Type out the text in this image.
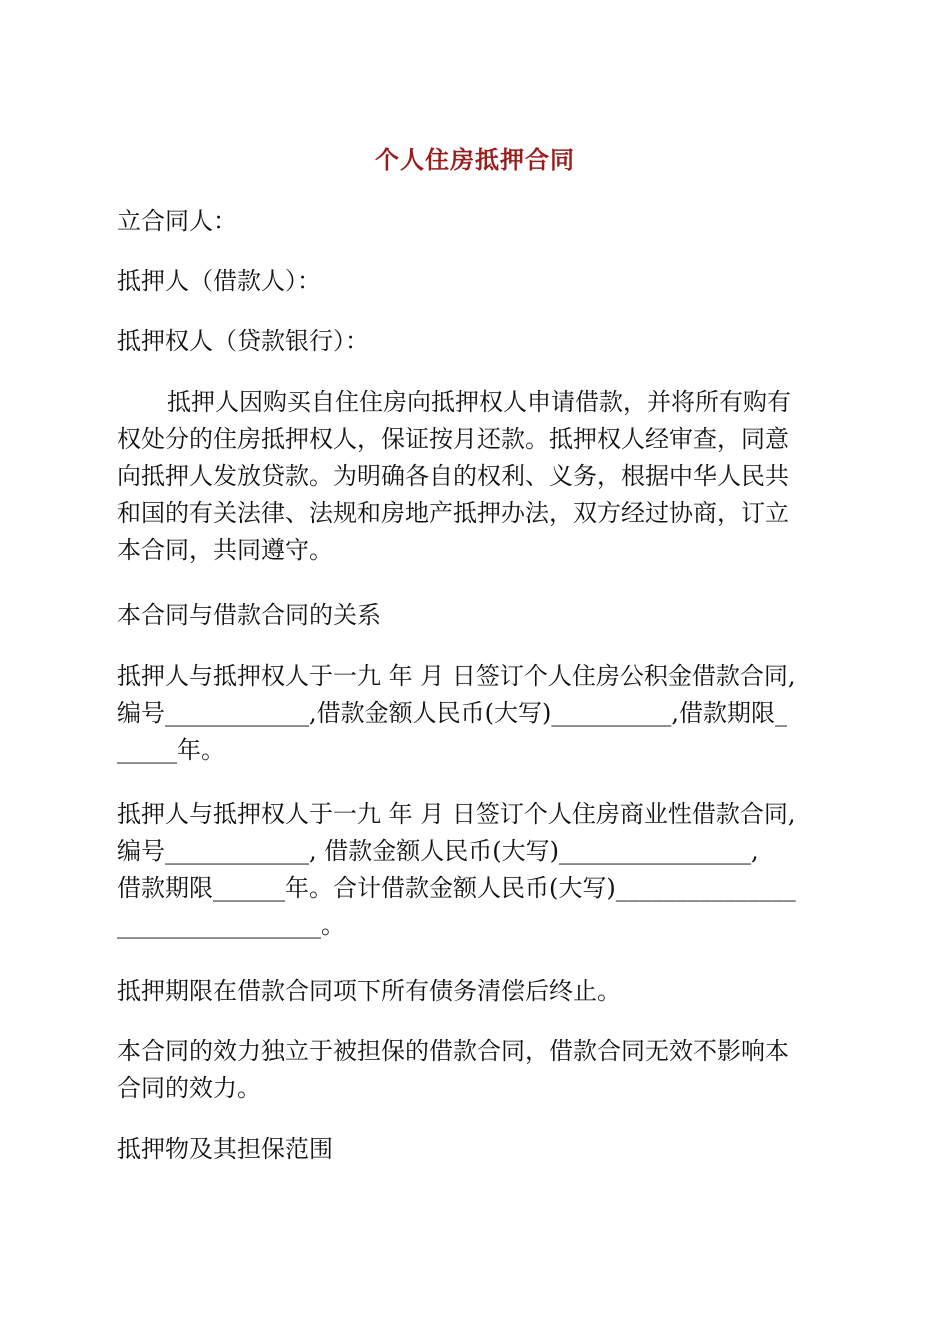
个人住房抵押合同

立合同人：

抵押人（借款人）：

抵押权人（贷款银行）：

抵押人因购买自住住房向抵押权人申请借款，并将所有购有
权处分的住房抵押权人，保证按月还款。抵押权人经审查，同意
向抵押人发放贷款。为明确各自的权利、义务，根据中华人民共
和国的有关法律、法规和房地产抵押办法，双方经过协商，订立
本合同，共同遵守。

本合同与借款合同的关系

抵押人与抵押权人于一九 年 月 日签订个人住房公积金借款合同,
编号____________,借款金额人民币(大写)__________,借款期限_
_____年。
抵押人与抵押权人于一九 年 月 日签订个人住房商业性借款合同,
编号____________, 借款金额人民币(大写)________________,
借款期限______年。合计借款金额人民币(大写)_______________
_________________。

抵押期限在借款合同项下所有债务清偿后终止。

本合同的效力独立于被担保的借款合同，借款合同无效不影响本
合同的效力。

抵押物及其担保范围
